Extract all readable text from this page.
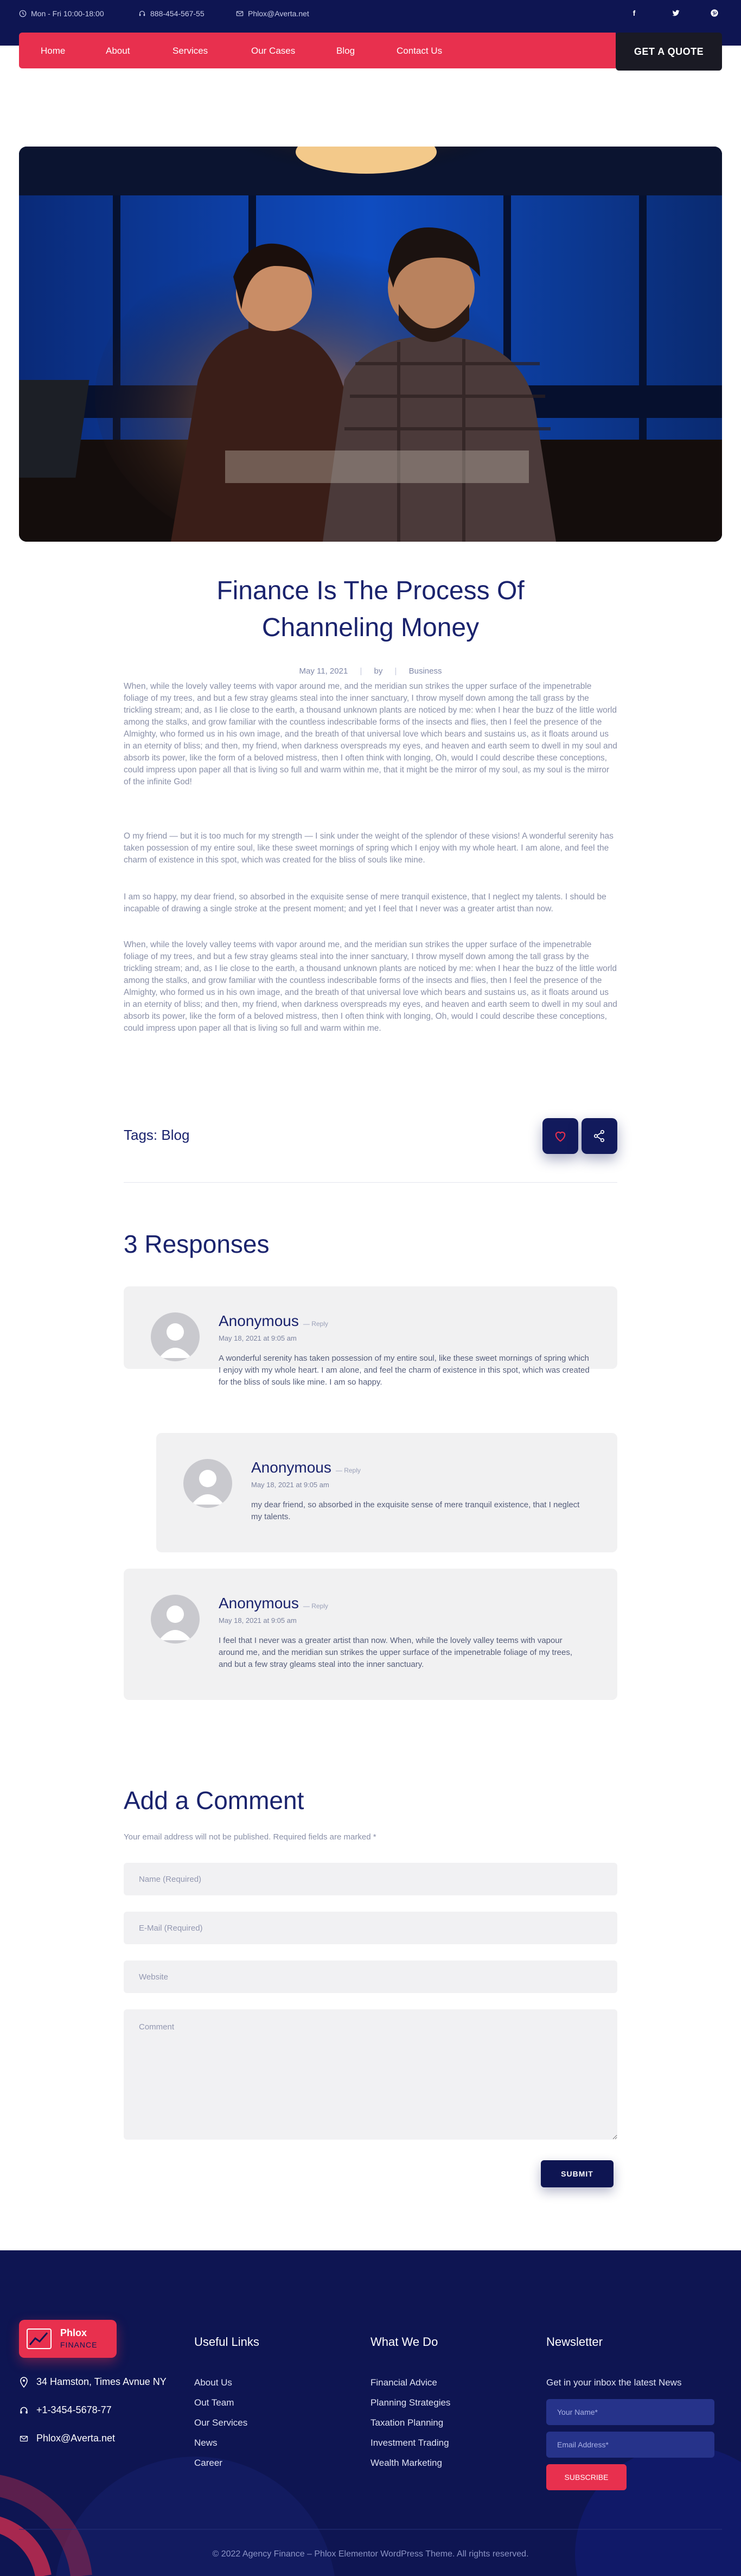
Mon - Fri 10:00-18:00	888-454-567-55	Phlox@Averta.net	f
Home	About	Services	Our Cases	Blog	Contact Us	GET A QUOTE
Finance Is The Process Of
Channeling Money
May 11, 2021 | by | Business

When, while the lovely valley teems with vapor around me, and the meridian sun strikes the upper surface of the impenetrable foliage of my trees, and but a few stray gleams steal into the inner sanctuary, I throw myself down among the tall grass by the trickling stream; and, as I lie close to the earth, a thousand unknown plants are noticed by me: when I hear the buzz of the little world among the stalks, and grow familiar with the countless indescribable forms of the insects and flies, then I feel the presence of the Almighty, who formed us in his own image, and the breath of that universal love which bears and sustains us, as it floats around us in an eternity of bliss; and then, my friend, when darkness overspreads my eyes, and heaven and earth seem to dwell in my soul and absorb its power, like the form of a beloved mistress, then I often think with longing, Oh, would I could describe these conceptions, could impress upon paper all that is living so full and warm within me, that it might be the mirror of my soul, as my soul is the mirror of the infinite God!

O my friend — but it is too much for my strength — I sink under the weight of the splendor of these visions! A wonderful serenity has taken possession of my entire soul, like these sweet mornings of spring which I enjoy with my whole heart. I am alone, and feel the charm of existence in this spot, which was created for the bliss of souls like mine.

I am so happy, my dear friend, so absorbed in the exquisite sense of mere tranquil existence, that I neglect my talents. I should be incapable of drawing a single stroke at the present moment; and yet I feel that I never was a greater artist than now.

When, while the lovely valley teems with vapor around me, and the meridian sun strikes the upper surface of the impenetrable foliage of my trees, and but a few stray gleams steal into the inner sanctuary, I throw myself down among the tall grass by the trickling stream; and, as I lie close to the earth, a thousand unknown plants are noticed by me: when I hear the buzz of the little world among the stalks, and grow familiar with the countless indescribable forms of the insects and flies, then I feel the presence of the Almighty, who formed us in his own image, and the breath of that universal love which bears and sustains us, as it floats around us in an eternity of bliss; and then, my friend, when darkness overspreads my eyes, and heaven and earth seem to dwell in my soul and absorb its power, like the form of a beloved mistress, then I often think with longing, Oh, would I could describe these conceptions, could impress upon paper all that is living so full and warm within me.

Tags: Blog
3 Responses
Anonymous — Reply
May 18, 2021 at 9:05 am
A wonderful serenity has taken possession of my entire soul, like these sweet mornings of spring which I enjoy with my whole heart. I am alone, and feel the charm of existence in this spot, which was created for the bliss of souls like mine. I am so happy.
Anonymous — Reply
May 18, 2021 at 9:05 am
my dear friend, so absorbed in the exquisite sense of mere tranquil existence, that I neglect my talents.
Anonymous — Reply
May 18, 2021 at 9:05 am
I feel that I never was a greater artist than now. When, while the lovely valley teems with vapour around me, and the meridian sun strikes the upper surface of the impenetrable foliage of my trees, and but a few stray gleams steal into the inner sanctuary.
Add a Comment
Your email address will not be published. Required fields are marked *
Name (Required)
E-Mail (Required)
Website
Comment
SUBMIT
Phlox
FINANCE
34 Hamston, Times Avnue NY
+1-3454-5678-77
Phlox@Averta.net
Useful Links
About Us
Out Team
Our Services
News
Career
What We Do
Financial Advice
Planning Strategies
Taxation Planning
Investment Trading
Wealth Marketing
Newsletter
Get in your inbox the latest News
Your Name*
Email Address*
SUBSCRIBE
© 2022 Agency Finance – Phlox Elementor WordPress Theme. All rights reserved.
